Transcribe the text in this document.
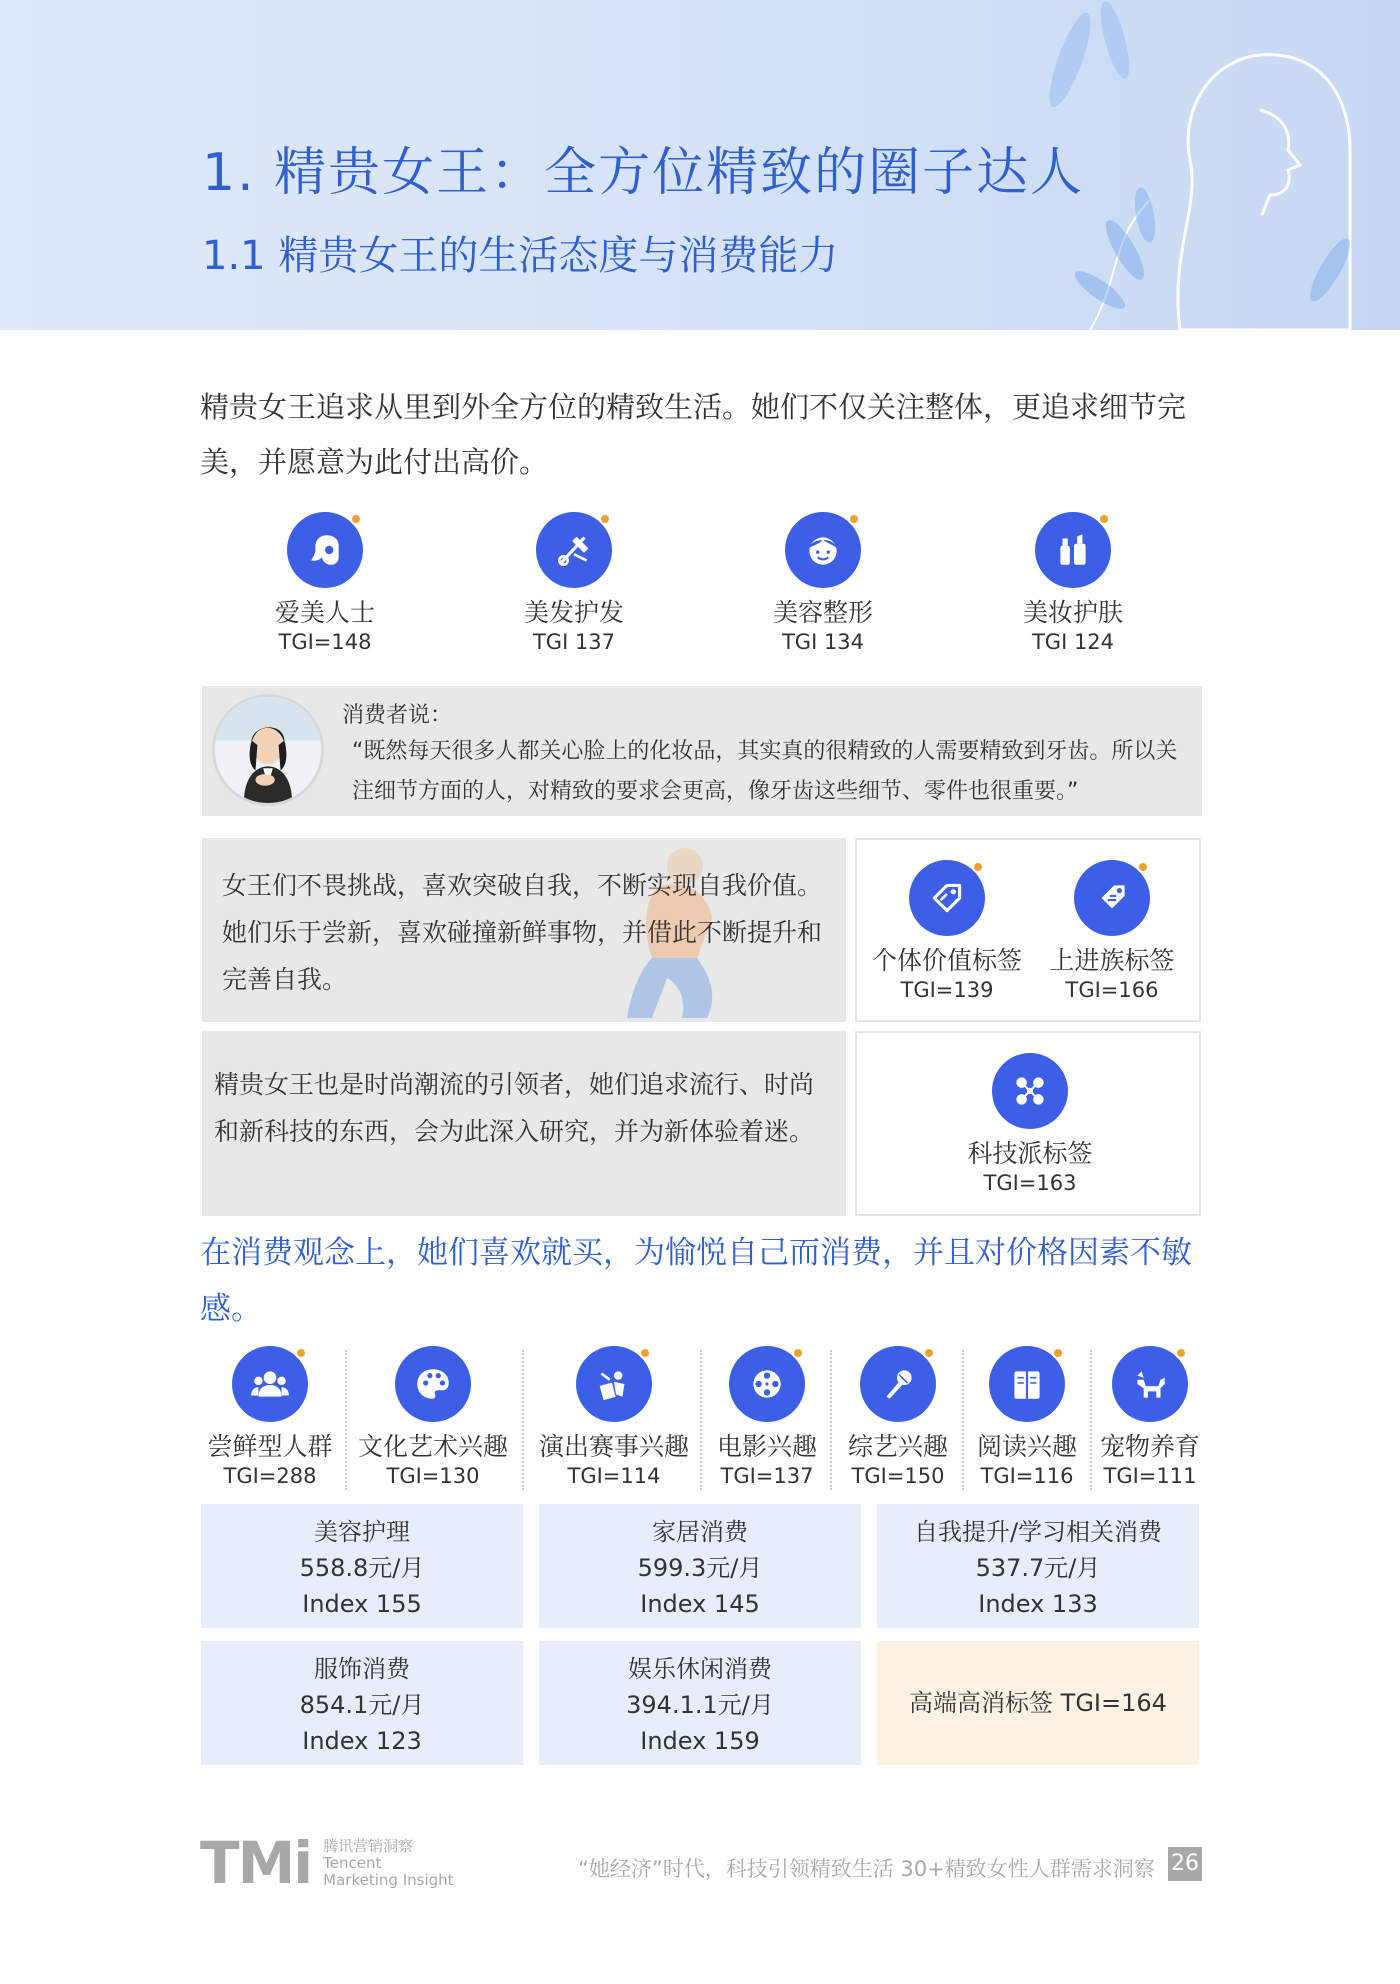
1. 精贵女王：全方位精致的圈子达人
1.1 精贵女王的生活态度与消费能力
精贵女王追求从里到外全方位的精致生活。她们不仅关注整体，更追求细节完美，并愿意为此付出高价。
爱美人士
TGI=148
美发护发
TGI 137
美容整形
TGI 134
美妆护肤
TGI 124
消费者说：
“既然每天很多人都关心脸上的化妆品，其实真的很精致的人需要精致到牙齿。所以关注细节方面的人，对精致的要求会更高，像牙齿这些细节、零件也很重要。”
女王们不畏挑战，喜欢突破自我，不断实现自我价值。她们乐于尝新，喜欢碰撞新鲜事物，并借此不断提升和完善自我。
个体价值标签
TGI=139
上进族标签
TGI=166
精贵女王也是时尚潮流的引领者，她们追求流行、时尚和新科技的东西，会为此深入研究，并为新体验着迷。
科技派标签
TGI=163
在消费观念上，她们喜欢就买，为愉悦自己而消费，并且对价格因素不敏感。
尝鲜型人群
TGI=288
文化艺术兴趣
TGI=130
演出赛事兴趣
TGI=114
电影兴趣
TGI=137
综艺兴趣
TGI=150
阅读兴趣
TGI=116
宠物养育
TGI=111
美容护理
558.8元/月
Index 155
家居消费
599.3元/月
Index 145
自我提升/学习相关消费
537.7元/月
Index 133
服饰消费
854.1元/月
Index 123
娱乐休闲消费
394.1.1元/月
Index 159
高端高消标签 TGI=164
TMi 腾讯营销洞察
Tencent
Marketing Insight	“她经济”时代，科技引领精致生活 30+精致女性人群需求洞察 26
